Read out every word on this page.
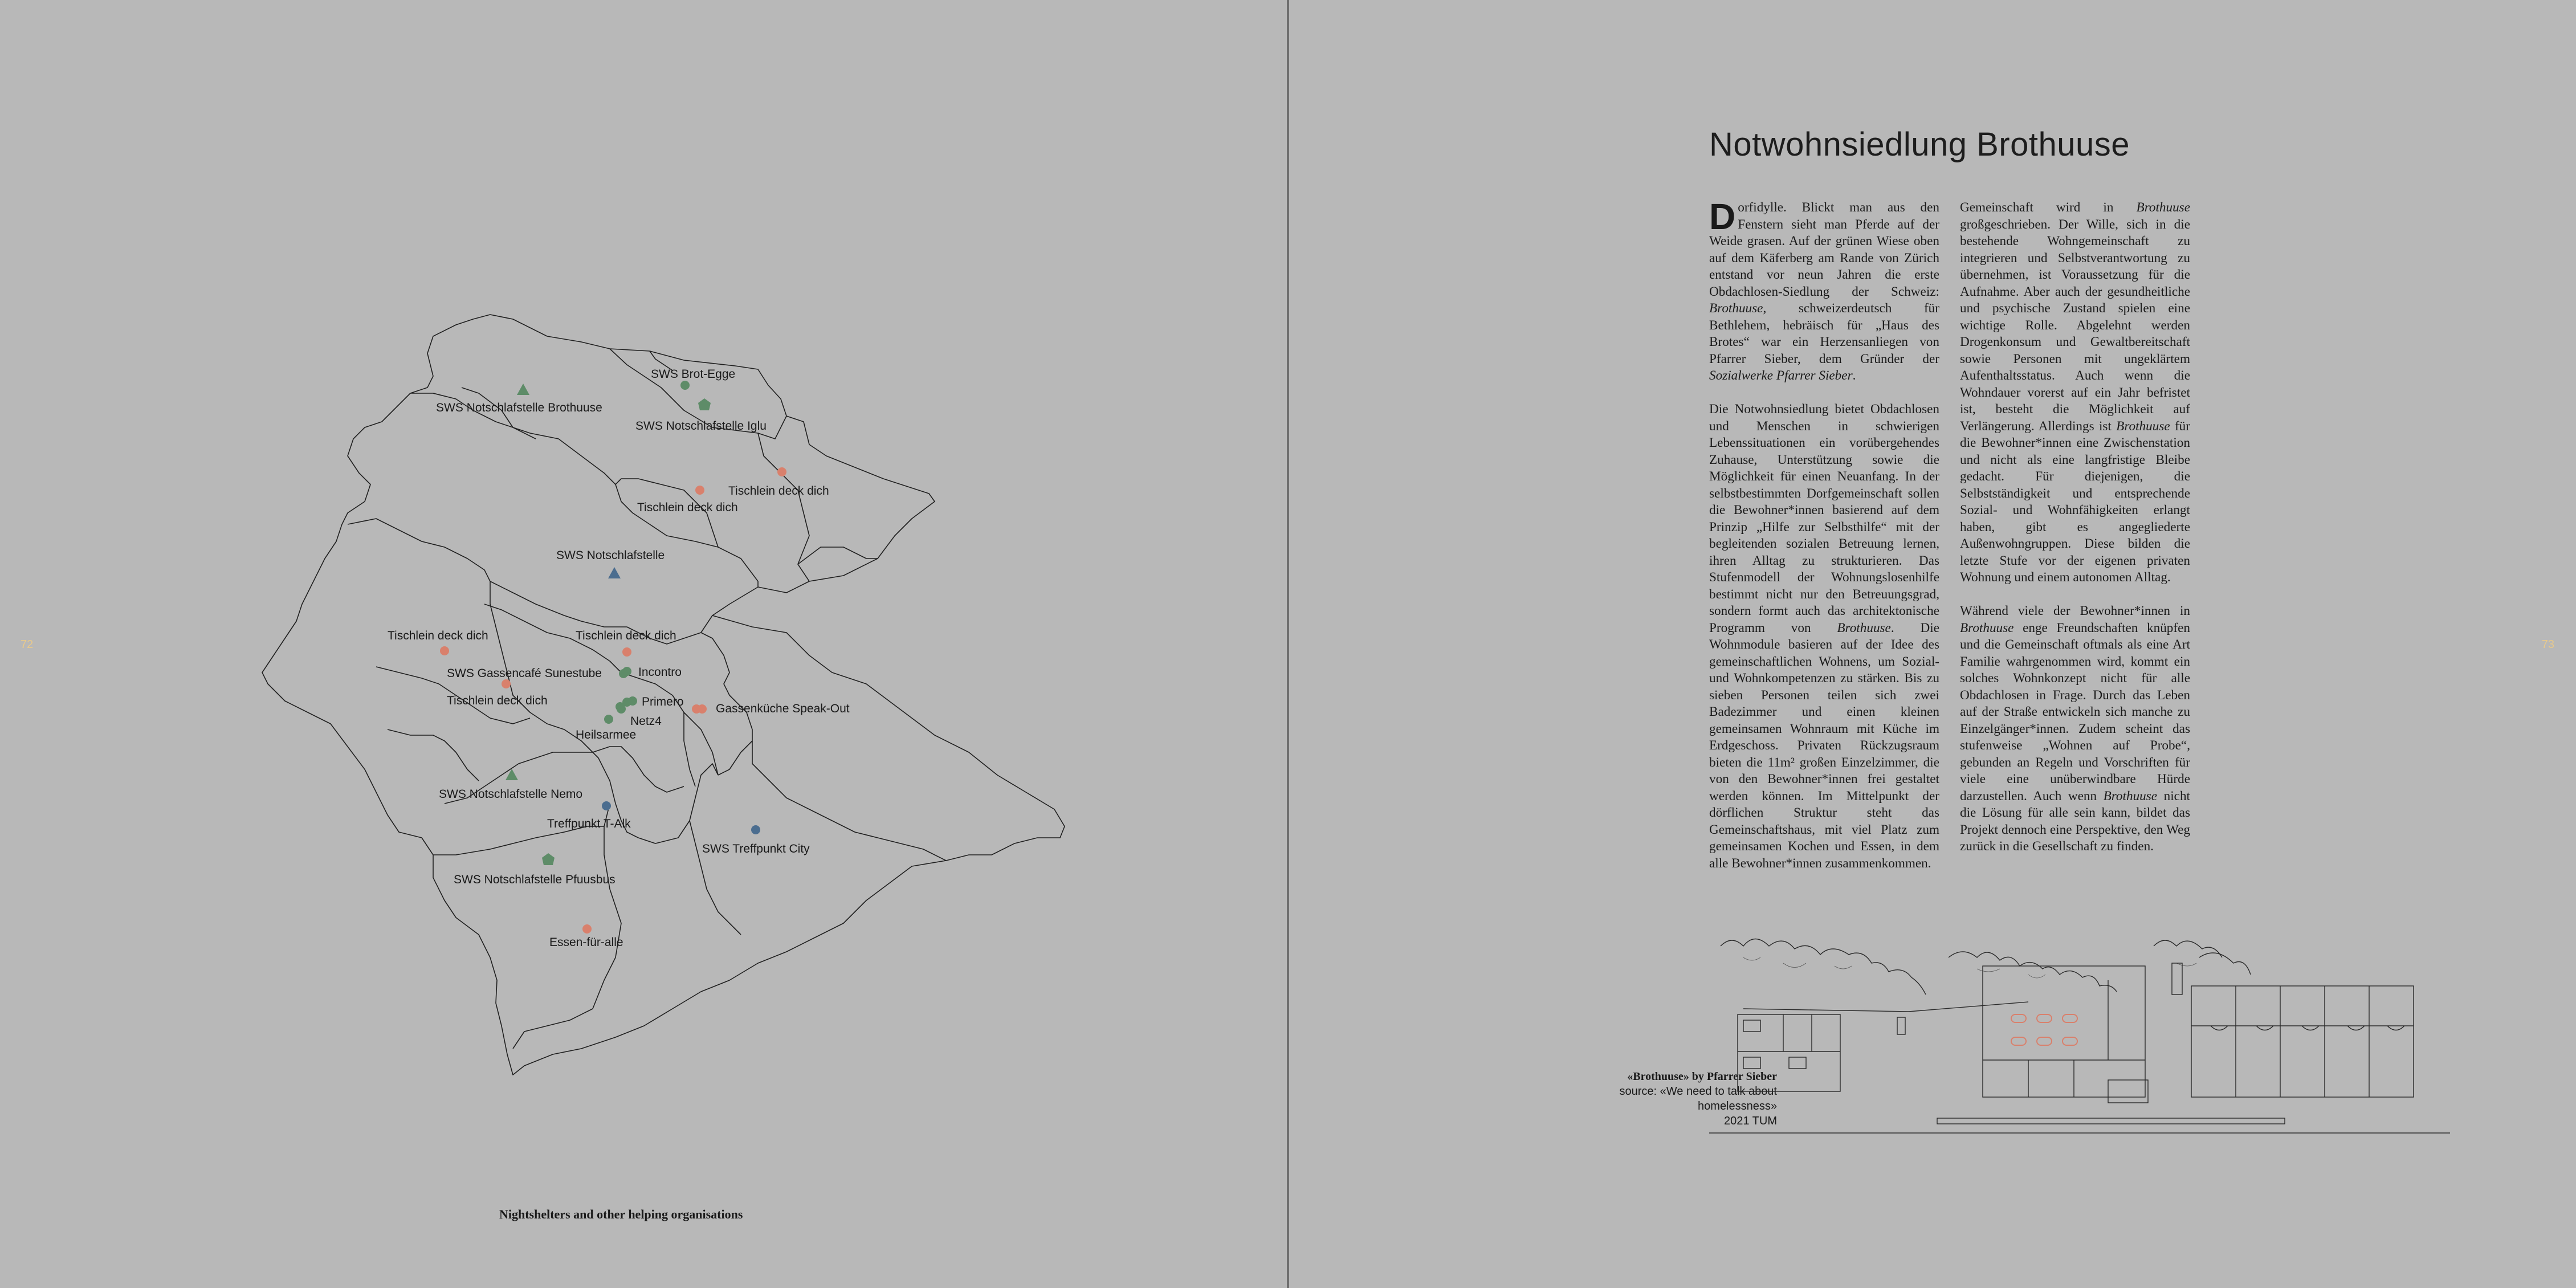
72
SWS Brot-Egge
SWS Notschlafstelle Brothuuse
SWS Notschlafstelle Iglu
Tischlein deck dich
Tischlein deck dich
SWS Notschlafstelle
Tischlein deck dich	Tischlein deck dich
SWS Gassencafé Sunestube	Incontro
Tischlein deck dich	Primero
Netz4
Gassenküche Speak-Out
Heilsarmee
SWS Notschlafstelle Nemo
Treffpunkt T-Alk
SWS Treffpunkt City
SWS Notschlafstelle Pfuusbus
Essen-für-alle
Nightshelters and other helping organisations
73
Notwohnsiedlung Brothuuse

Dorfidylle. Blickt man aus den Fenstern sieht man Pferde auf der Weide grasen. Auf der grünen Wiese oben auf dem Käferberg am Rande von Zürich entstand vor neun Jahren die erste Obdachlosen-Siedlung der Schweiz: Brothuuse, schweizerdeutsch für Bethlehem, hebräisch für „Haus des Brotes“ war ein Herzensanliegen von Pfarrer Sieber, dem Gründer der Sozialwerke Pfarrer Sieber.

Die Notwohnsiedlung bietet Obdachlosen und Menschen in schwierigen Lebenssituationen ein vorübergehendes Zuhause, Unterstützung sowie die Möglichkeit für einen Neuanfang. In der selbstbestimmten Dorfgemeinschaft sollen die Bewohner*innen basierend auf dem Prinzip „Hilfe zur Selbsthilfe“ mit der begleitenden sozialen Betreuung lernen, ihren Alltag zu strukturieren. Das Stufenmodell der Wohnungslosenhilfe bestimmt nicht nur den Betreuungsgrad, sondern formt auch das architektonische Programm von Brothuuse. Die Wohnmodule basieren auf der Idee des gemeinschaftlichen Wohnens, um Sozial- und Wohnkompetenzen zu stärken. Bis zu sieben Personen teilen sich zwei Badezimmer und einen kleinen gemeinsamen Wohnraum mit Küche im Erdgeschoss. Privaten Rückzugsraum bieten die 11m² großen Einzelzimmer, die von den Bewohner*innen frei gestaltet werden können. Im Mittelpunkt der dörflichen Struktur steht das Gemeinschaftshaus, mit viel Platz zum gemeinsamen Kochen und Essen, in dem alle Bewohner*innen zusammenkommen.

Gemeinschaft wird in Brothuuse großgeschrieben. Der Wille, sich in die bestehende Wohngemeinschaft zu integrieren und Selbstverantwortung zu übernehmen, ist Voraussetzung für die Aufnahme. Aber auch der gesundheitliche und psychische Zustand spielen eine wichtige Rolle. Abgelehnt werden Drogenkonsum und Gewaltbereitschaft sowie Personen mit ungeklärtem Aufenthaltsstatus. Auch wenn die Wohndauer vorerst auf ein Jahr befristet ist, besteht die Möglichkeit auf Verlängerung. Allerdings ist Brothuuse für die Bewohner*innen eine Zwischenstation und nicht als eine langfristige Bleibe gedacht. Für diejenigen, die Selbstständigkeit und entsprechende Sozial- und Wohnfähigkeiten erlangt haben, gibt es angegliederte Außenwohngruppen. Diese bilden die letzte Stufe vor der eigenen privaten Wohnung und einem autonomen Alltag.

Während viele der Bewohner*innen in Brothuuse enge Freundschaften knüpfen und die Gemeinschaft oftmals als eine Art Familie wahrgenommen wird, kommt ein solches Wohnkonzept nicht für alle Obdachlosen in Frage. Durch das Leben auf der Straße entwickeln sich manche zu Einzelgänger*innen. Zudem scheint das stufenweise „Wohnen auf Probe“, gebunden an Regeln und Vorschriften für viele eine unüberwindbare Hürde darzustellen. Auch wenn Brothuuse nicht die Lösung für alle sein kann, bildet das Projekt dennoch eine Perspektive, den Weg zurück in die Gesellschaft zu finden.

«Brothuuse» by Pfarrer Sieber
source: «We need to talk about homelessness»
2021 TUM
